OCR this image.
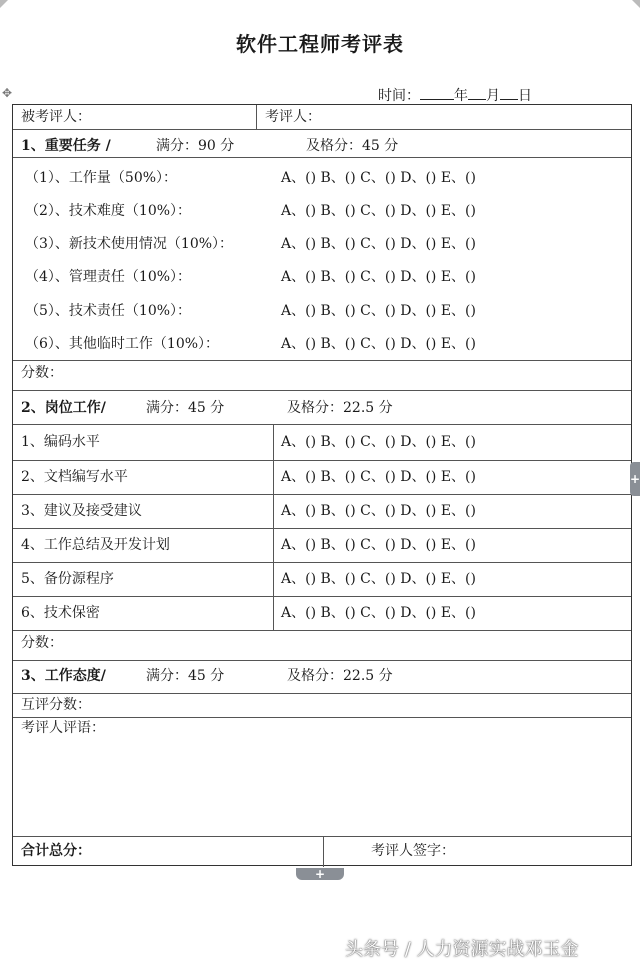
软件工程师考评表
时间： 年 月 日
✥
被考评人：	考评人：
1、重要任务 /	满分：90 分	及格分：45 分
（1）、工作量（50%）：	A、() B、() C、() D、() E、()
（2）、技术难度（10%）：	A、() B、() C、() D、() E、()
（3）、新技术使用情况（10%）：	A、() B、() C、() D、() E、()
（4）、管理责任（10%）：	A、() B、() C、() D、() E、()
（5）、技术责任（10%）：	A、() B、() C、() D、() E、()
（6）、其他临时工作（10%）：	A、() B、() C、() D、() E、()
分数：
2、岗位工作/	满分：45 分	及格分：22.5 分
1、编码水平	A、() B、() C、() D、() E、()
2、文档编写水平	A、() B、() C、() D、() E、()
3、建议及接受建议	A、() B、() C、() D、() E、()
4、工作总结及开发计划	A、() B、() C、() D、() E、()
5、备份源程序	A、() B、() C、() D、() E、()
6、技术保密	A、() B、() C、() D、() E、()
分数：
3、工作态度/	满分：45 分	及格分：22.5 分
互评分数：
考评人评语：
合计总分：	考评人签字：
+
+
头条号 / 人力资源实战邓玉金
